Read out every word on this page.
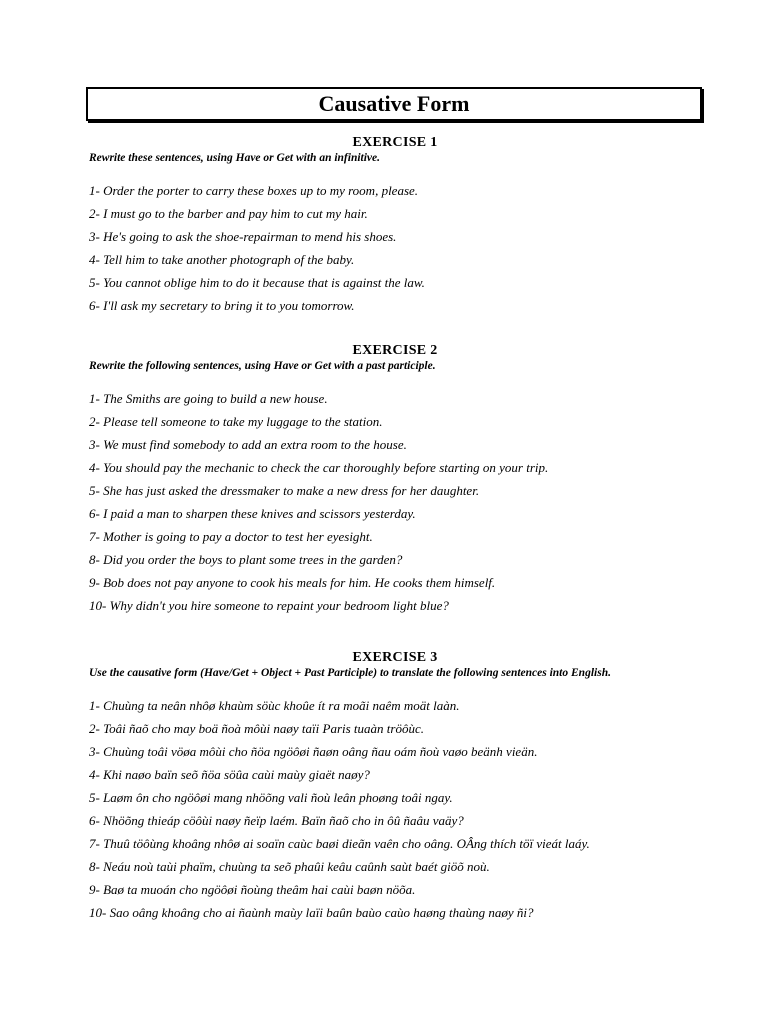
Causative Form
EXERCISE 1

Rewrite these sentences, using Have or Get with an infinitive.

1- Order the porter to carry these boxes up to my room, please.
2- I must go to the barber and pay him to cut my hair.
3- He's going to ask the shoe-repairman to mend his shoes.
4- Tell him to take another photograph of the baby.
5- You cannot oblige him to do it because that is against the law.
6- I'll ask my secretary to bring it to you tomorrow.
EXERCISE 2

Rewrite the following sentences, using Have or Get with a past participle.

1- The Smiths are going to build a new house.
2- Please tell someone to take my luggage to the station.
3- We must find somebody to add an extra room to the house.
4- You should pay the mechanic to check the car thoroughly before starting on your trip.
5- She has just asked the dressmaker to make a new dress for her daughter.
6- I paid a man to sharpen these knives and scissors yesterday.
7- Mother is going to pay a doctor to test her eyesight.
8- Did you order the boys to plant some trees in the garden?
9- Bob does not pay anyone to cook his meals for him. He cooks them himself.
10- Why didn't you hire someone to repaint your bedroom light blue?
EXERCISE 3

Use the causative form (Have/Get + Object + Past Participle) to translate the following sentences into English.

1- Chuùng ta neân nhôø khaùm söùc khoûe ít ra moãi naêm moät laàn.
2- Toâi ñaõ cho may boä ñoà môùi naøy taïi Paris tuaàn tröôùc.
3- Chuùng toâi vöøa môùi cho ñöa ngöôøi ñaøn oâng ñau oám ñoù vaøo beänh vieän.
4- Khi naøo baïn seõ ñöa söûa caùi maùy giaët naøy?
5- Laøm ôn cho ngöôøi mang nhöõng vali ñoù leân phoøng toâi ngay.
6- Nhöõng thieáp cöôùi naøy ñeïp laém. Baïn ñaõ cho in ôû ñaâu vaäy?
7- Thuû töôùng khoâng nhôø ai soaïn caùc baøi dieãn vaên cho oâng. OÂng thích töï vieát laáy.
8- Neáu noù taùi phaïm, chuùng ta seõ phaûi keâu caûnh saùt baét giöõ noù.
9- Baø ta muoán cho ngöôøi ñoùng theâm hai caùi baøn nöõa.
10- Sao oâng khoâng cho ai ñaùnh maùy laïi baûn baùo caùo haøng thaùng naøy ñi?
